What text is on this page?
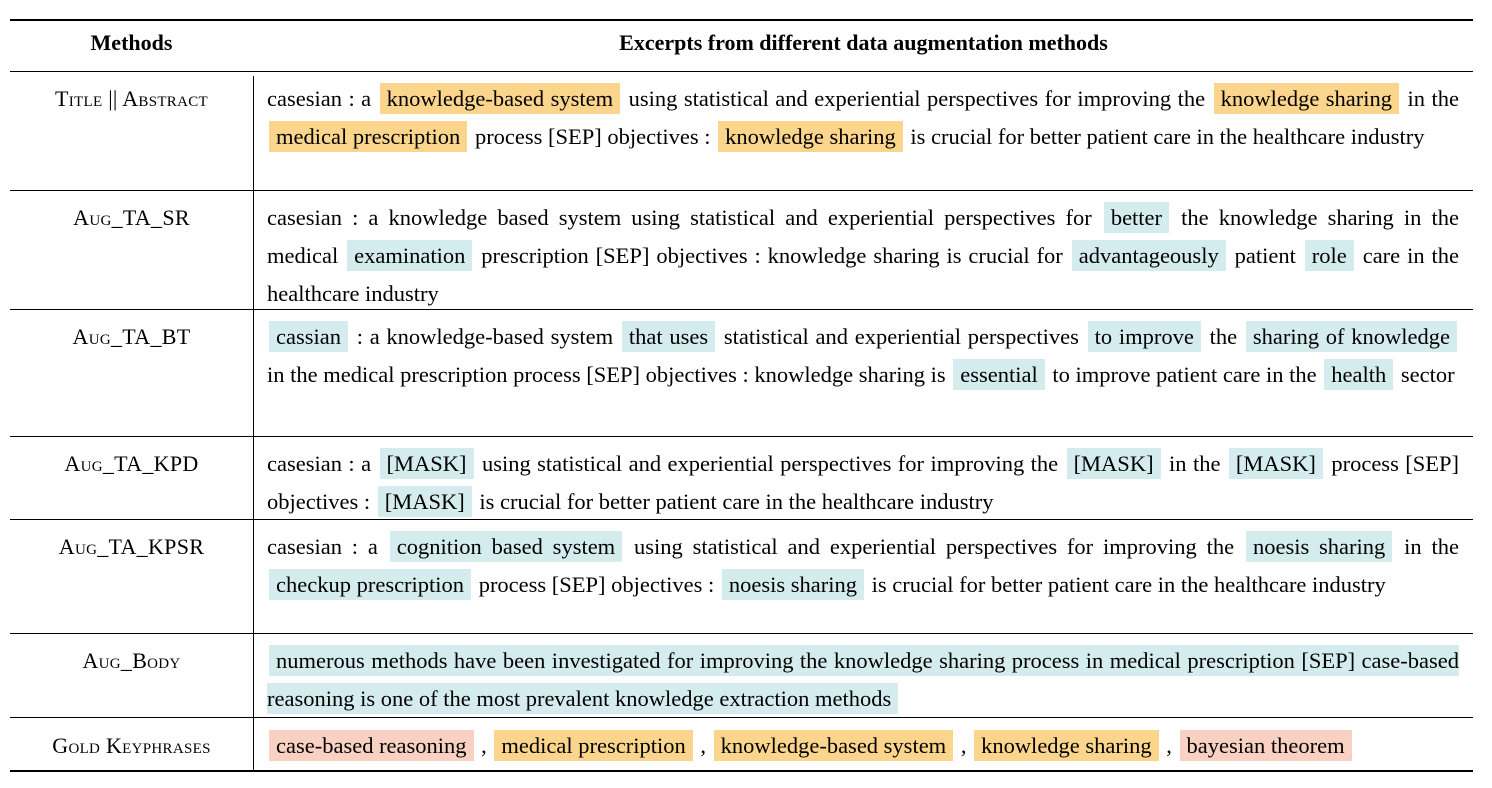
Methods	Excerpts from different data augmentation methods
Title || Abstract	casesian : a knowledge-based system using statistical and experiential perspectives for improving the knowledge sharing in the medical prescription process [SEP] objectives : knowledge sharing is crucial for better patient care in the healthcare industry
Aug_TA_SR	casesian : a knowledge based system using statistical and experiential perspectives for better the knowledge sharing in the medical examination prescription [SEP] objectives : knowledge sharing is crucial for advantageously patient role care in the healthcare industry
Aug_TA_BT	cassian : a knowledge-based system that uses statistical and experiential perspectives to improve the sharing of knowledge in the medical prescription process [SEP] objectives : knowledge sharing is essential to improve patient care in the health sector
Aug_TA_KPD	casesian : a [MASK] using statistical and experiential perspectives for improving the [MASK] in the [MASK] process [SEP] objectives : [MASK] is crucial for better patient care in the healthcare industry
Aug_TA_KPSR	casesian : a cognition based system using statistical and experiential perspectives for improving the noesis sharing in the checkup prescription process [SEP] objectives : noesis sharing is crucial for better patient care in the healthcare industry
Aug_Body	numerous methods have been investigated for improving the knowledge sharing process in medical prescription [SEP] case-based reasoning is one of the most prevalent knowledge extraction methods
Gold Keyphrases	case-based reasoning , medical prescription , knowledge-based system , knowledge sharing , bayesian theorem
